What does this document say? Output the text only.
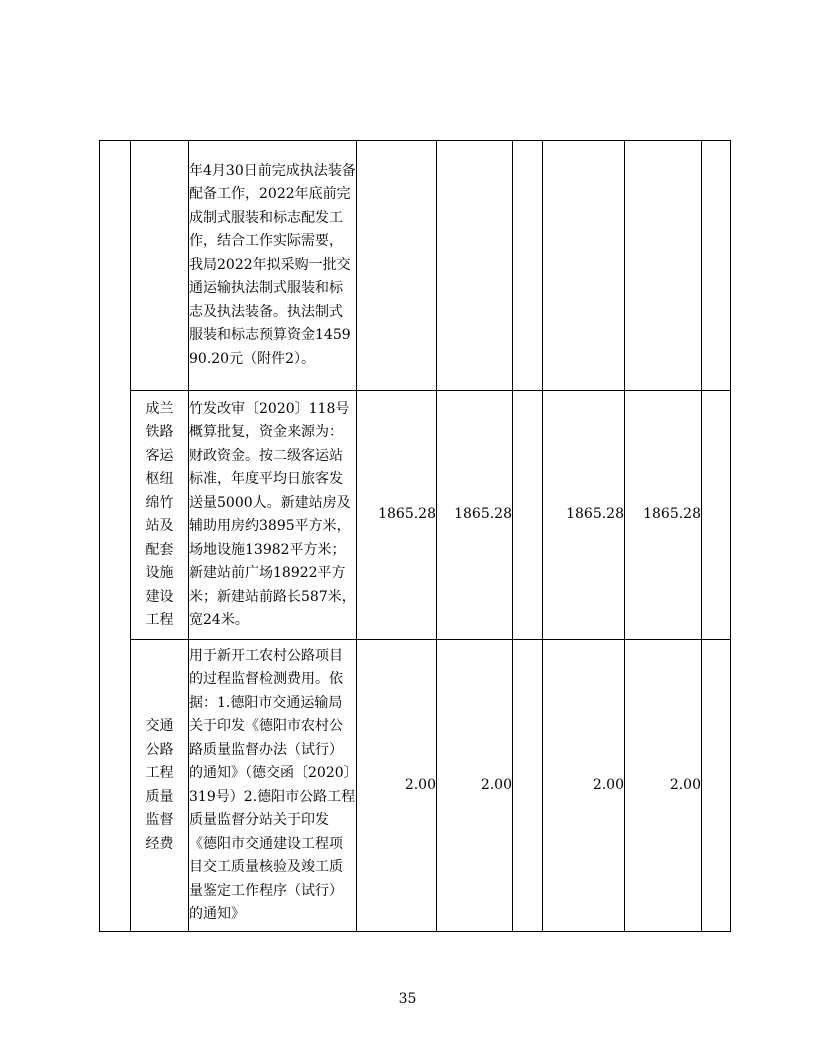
	年4月30日前完成执法装备配备工作，2022年底前完成制式服装和标志配发工作，结合工作实际需要，我局2022年拟采购一批交通运输执法制式服装和标志及执法装备。执法制式服装和标志预算资金145990.20元（附件2）。						

	成兰铁路客运枢纽绵竹站及配套设施建设工程	竹发改审〔2020〕118号概算批复，资金来源为：财政资金。按二级客运站标准，年度平均日旅客发送量5000人。新建站房及辅助用房约3895平方米，场地设施13982平方米；新建站前广场18922平方米；新建站前路长587米，宽24米。	1865.28	1865.28		1865.28	1865.28	

	交通公路工程质量监督经费	用于新开工农村公路项目的过程监督检测费用。依据：1.德阳市交通运输局关于印发《德阳市农村公路质量监督办法（试行）的通知》（德交函〔2020〕319号）2.德阳市公路工程质量监督分站关于印发《德阳市交通建设工程项目交工质量核验及竣工质量鉴定工作程序（试行）的通知》	2.00	2.00		2.00	2.00	
35
